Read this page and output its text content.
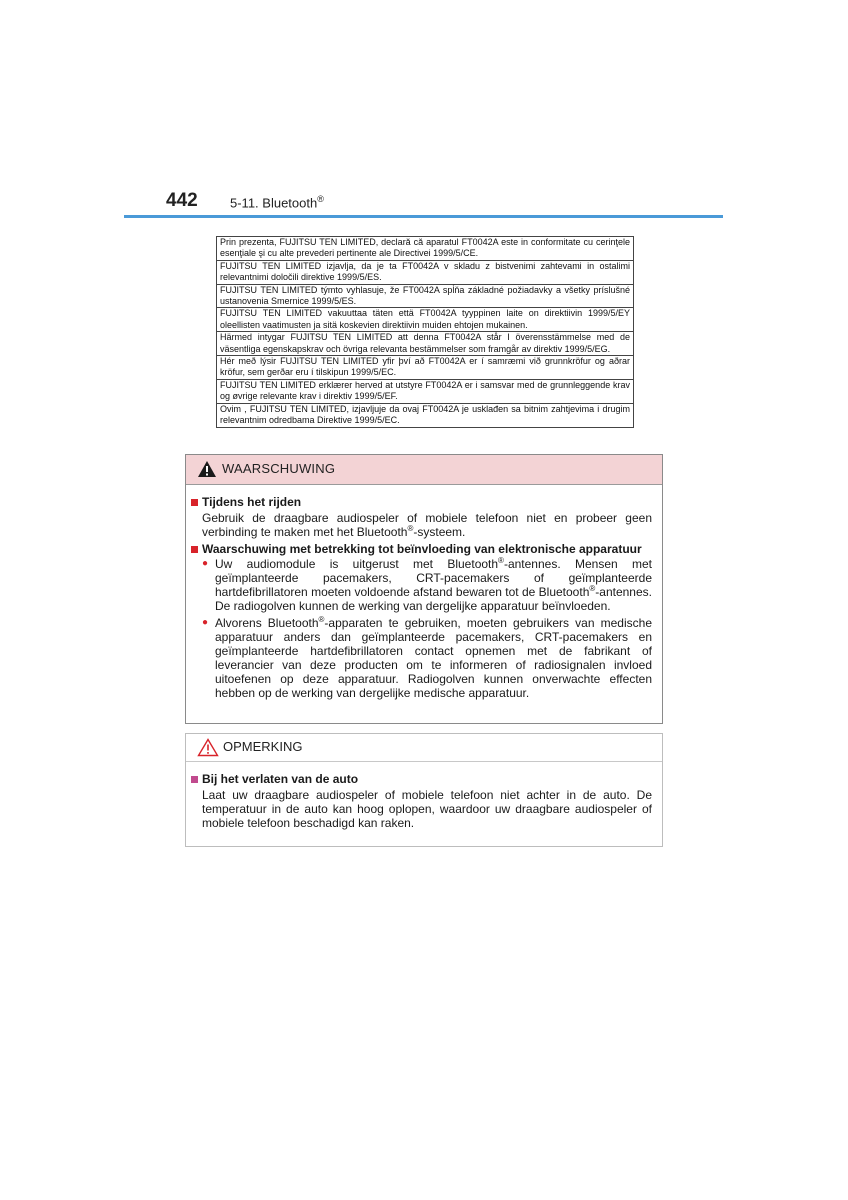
442 5-11. Bluetooth®
Prin prezenta, FUJITSU TEN LIMITED, declară că aparatul FT0042A este in conformitate cu cerinţele esenţiale şi cu alte prevederi pertinente ale Directivei 1999/5/CE.
FUJITSU TEN LIMITED izjavlja, da je ta FT0042A v skladu z bistvenimi zahtevami in ostalimi relevantnimi določili direktive 1999/5/ES.
FUJITSU TEN LIMITED týmto vyhlasuje, že FT0042A spĺňa základné požiadavky a všetky príslušné ustanovenia Smernice 1999/5/ES.
FUJITSU TEN LIMITED vakuuttaa täten että FT0042A tyyppinen laite on direktiivin 1999/5/EY oleellisten vaatimusten ja sitä koskevien direktiivin muiden ehtojen mukainen.
Härmed intygar FUJITSU TEN LIMITED att denna FT0042A står I överensstämmelse med de väsentliga egenskapskrav och övriga relevanta bestämmelser som framgår av direktiv 1999/5/EG.
Hér með lýsir FUJITSU TEN LIMITED yfir því að FT0042A er í samræmi við grunnkröfur og aðrar kröfur, sem gerðar eru í tilskipun 1999/5/EC.
FUJITSU TEN LIMITED erklærer herved at utstyre FT0042A er i samsvar med de grunnleggende krav og øvrige relevante krav i direktiv 1999/5/EF.
Ovim , FUJITSU TEN LIMITED, izjavljuje da ovaj FT0042A je usklađen sa bitnim zahtjevima i drugim relevantnim odredbama Direktive 1999/5/EC.
WAARSCHUWING
Tijdens het rijden
Gebruik de draagbare audiospeler of mobiele telefoon niet en probeer geen verbinding te maken met het Bluetooth®-systeem.
Waarschuwing met betrekking tot beïnvloeding van elektronische apparatuur
● Uw audiomodule is uitgerust met Bluetooth®-antennes. Mensen met geïmplanteerde pacemakers, CRT-pacemakers of geïmplanteerde hartdefibrillatoren moeten voldoende afstand bewaren tot de Bluetooth®-antennes. De radiogolven kunnen de werking van dergelijke apparatuur beïnvloeden.
● Alvorens Bluetooth®-apparaten te gebruiken, moeten gebruikers van medische apparatuur anders dan geïmplanteerde pacemakers, CRT-pacemakers en geïmplanteerde hartdefibrillatoren contact opnemen met de fabrikant of leverancier van deze producten om te informeren of radiosignalen invloed uitoefenen op deze apparatuur. Radiogolven kunnen onverwachte effecten hebben op de werking van dergelijke medische apparatuur.
OPMERKING
Bij het verlaten van de auto
Laat uw draagbare audiospeler of mobiele telefoon niet achter in de auto. De temperatuur in de auto kan hoog oplopen, waardoor uw draagbare audiospeler of mobiele telefoon beschadigd kan raken.
